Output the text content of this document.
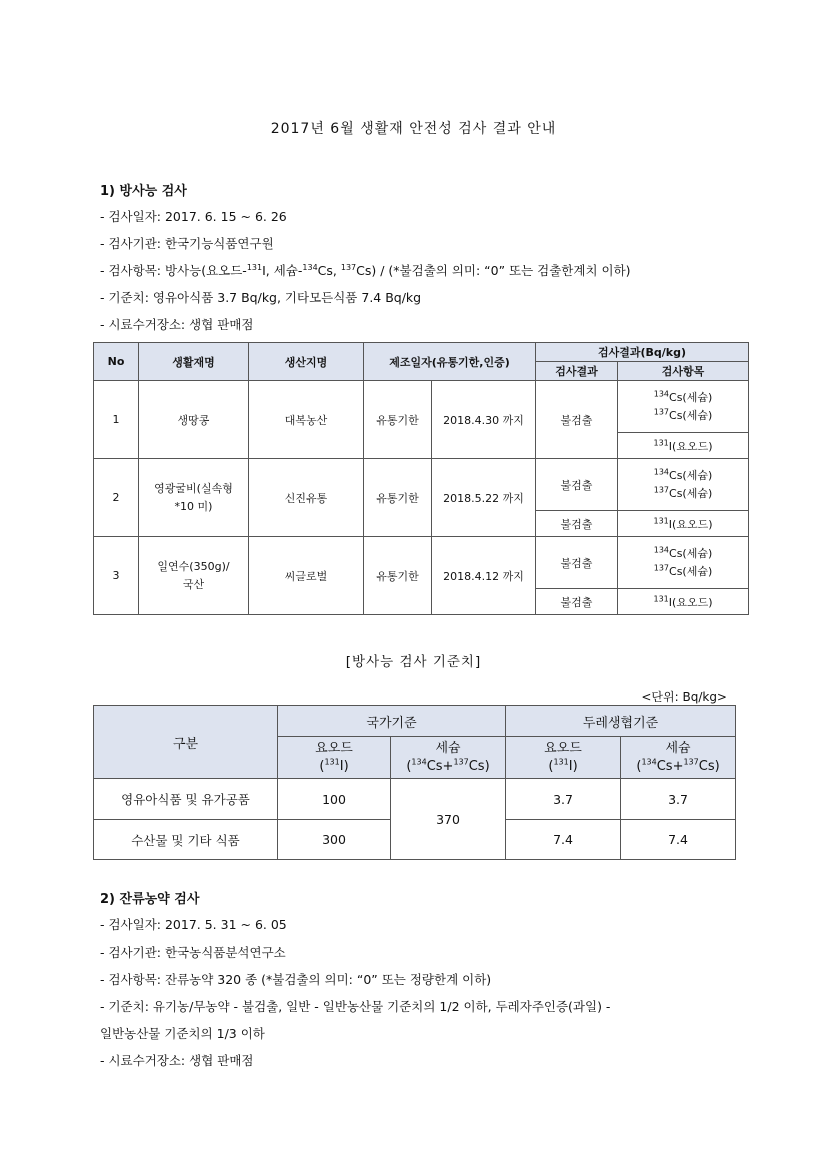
2017년 6월 생활재 안전성 검사 결과 안내
1) 방사능 검사
- 검사일자: 2017. 6. 15 ~ 6. 26
- 검사기관: 한국기능식품연구원
- 검사항목: 방사능(요오드-$^{131}$I, 세슘-$^{134}$Cs, $^{137}$Cs) / (*불검출의 의미: “0” 또는 검출한계치 이하)
- 기준치: 영유아식품 3.7 Bq/kg, 기타모든식품 7.4 Bq/kg
- 시료수거장소: 생협 판매점
No	생활재명	생산지명	제조일자(유통기한,인증)		검사결과(Bq/kg)	
					검사결과	검사항목
1	생땅콩	대복농산	유통기한	2018.4.30 까지	불검출	$^{134}$Cs(세슘)
$^{137}$Cs(세슘)
						$^{131}$I(요오드)
2	영광굴비(실속형
*10 미)	신진유통	유통기한	2018.5.22 까지	불검출	$^{134}$Cs(세슘)
$^{137}$Cs(세슘)
					불검출	$^{131}$I(요오드)
3	일연수(350g)/
국산	씨글로벌	유통기한	2018.4.12 까지	불검출	$^{134}$Cs(세슘)
$^{137}$Cs(세슘)
					불검출	$^{131}$I(요오드)
[방사능 검사 기준치]
<단위: Bq/kg>
구분	국가기준		두레생협기준	
	요오드
($^{131}$I)	세슘
($^{134}$Cs+$^{137}$Cs)	요오드
($^{131}$I)	세슘
($^{134}$Cs+$^{137}$Cs)
영유아식품 및 유가공품	100	370	3.7	3.7
수산물 및 기타 식품	300		7.4	7.4
2) 잔류농약 검사
- 검사일자: 2017. 5. 31 ~ 6. 05
- 검사기관: 한국농식품분석연구소
- 검사항목: 잔류농약 320 종 (*불검출의 의미: “0” 또는 정량한계 이하)
- 기준치: 유기농/무농약 - 불검출, 일반 - 일반농산물 기준치의 1/2 이하, 두레자주인증(과일) -
일반농산물 기준치의 1/3 이하
- 시료수거장소: 생협 판매점
